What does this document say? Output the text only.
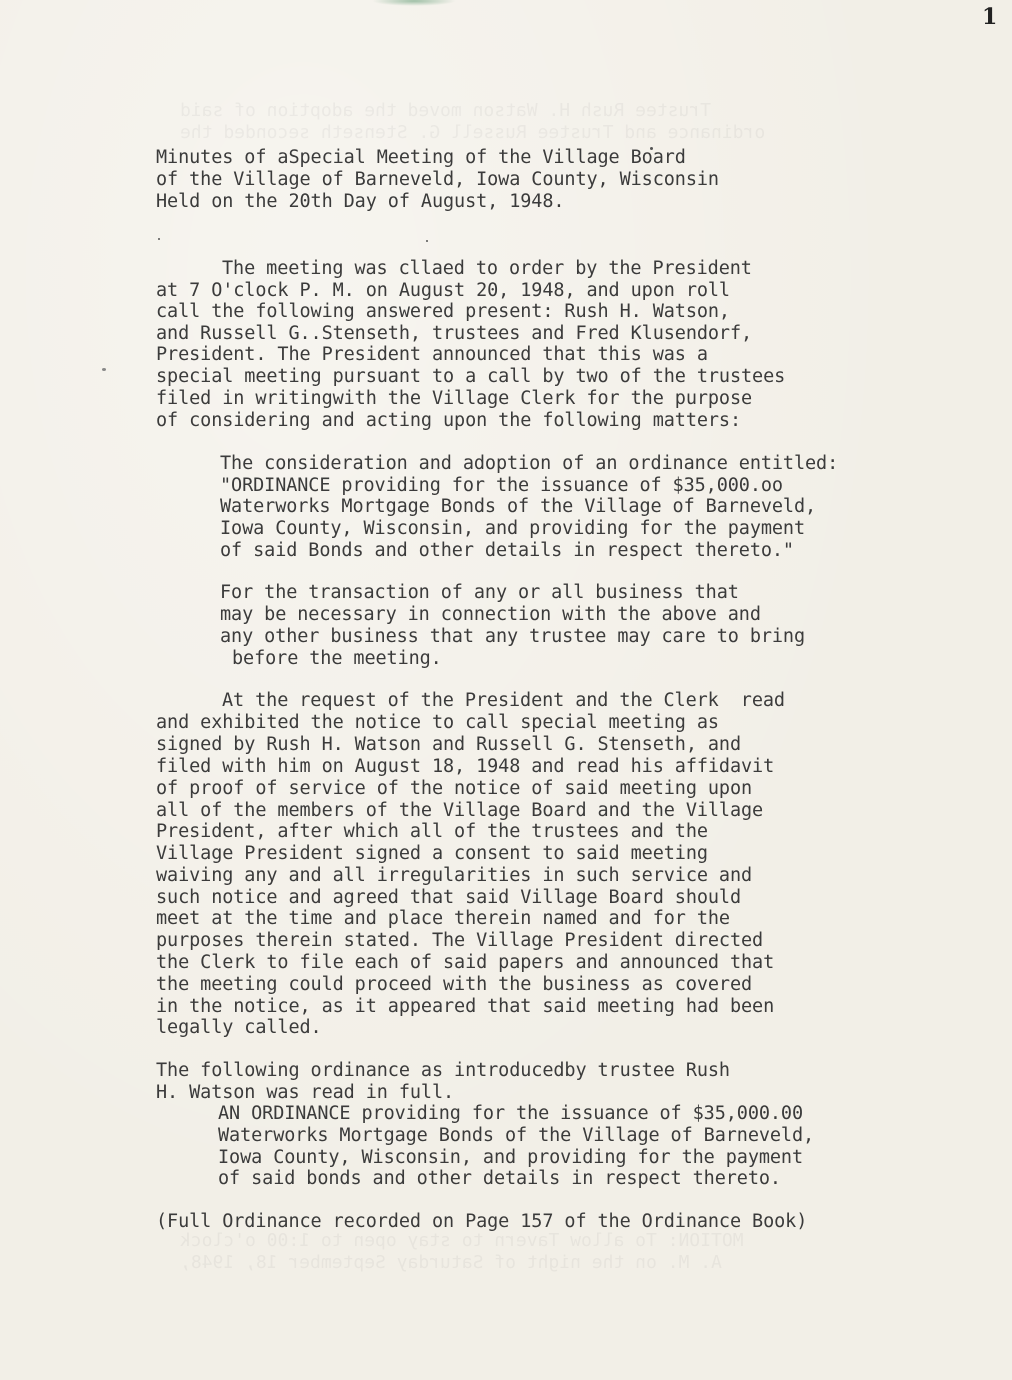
1
Trustee Rush H. Watson moved the adoption of said
ordinance and Trustee Russell G. Stenseth seconded the
MOTION: To allow Tavern to stay open to 1:00 o'clock
A. M. on the night of Saturday September 18, 1948,
Minutes of aSpecial Meeting of the Village Board
of the Village of Barneveld, Iowa County, Wisconsin
Held on the 20th Day of August, 1948.
The meeting was cllaed to order by the President
at 7 O'clock P. M. on August 20, 1948, and upon roll
call the following answered present: Rush H. Watson,
and Russell G..Stenseth, trustees and Fred Klusendorf,
President. The President announced that this was a
special meeting pursuant to a call by two of the trustees
filed in writingwith the Village Clerk for the purpose
of considering and acting upon the following matters:
The consideration and adoption of an ordinance entitled:
"ORDINANCE providing for the issuance of $35,000.oo
Waterworks Mortgage Bonds of the Village of Barneveld,
Iowa County, Wisconsin, and providing for the payment
of said Bonds and other details in respect thereto."
For the transaction of any or all business that
may be necessary in connection with the above and
any other business that any trustee may care to bring
before the meeting.
At the request of the President and the Clerk  read
and exhibited the notice to call special meeting as
signed by Rush H. Watson and Russell G. Stenseth, and
filed with him on August 18, 1948 and read his affidavit
of proof of service of the notice of said meeting upon
all of the members of the Village Board and the Village
President, after which all of the trustees and the
Village President signed a consent to said meeting
waiving any and all irregularities in such service and
such notice and agreed that said Village Board should
meet at the time and place therein named and for the
purposes therein stated. The Village President directed
the Clerk to file each of said papers and announced that
the meeting could proceed with the business as covered
in the notice, as it appeared that said meeting had been
legally called.
The following ordinance as introducedby trustee Rush
H. Watson was read in full.
AN ORDINANCE providing for the issuance of $35,000.00
Waterworks Mortgage Bonds of the Village of Barneveld,
Iowa County, Wisconsin, and providing for the payment
of said bonds and other details in respect thereto.
(Full Ordinance recorded on Page 157 of the Ordinance Book)
